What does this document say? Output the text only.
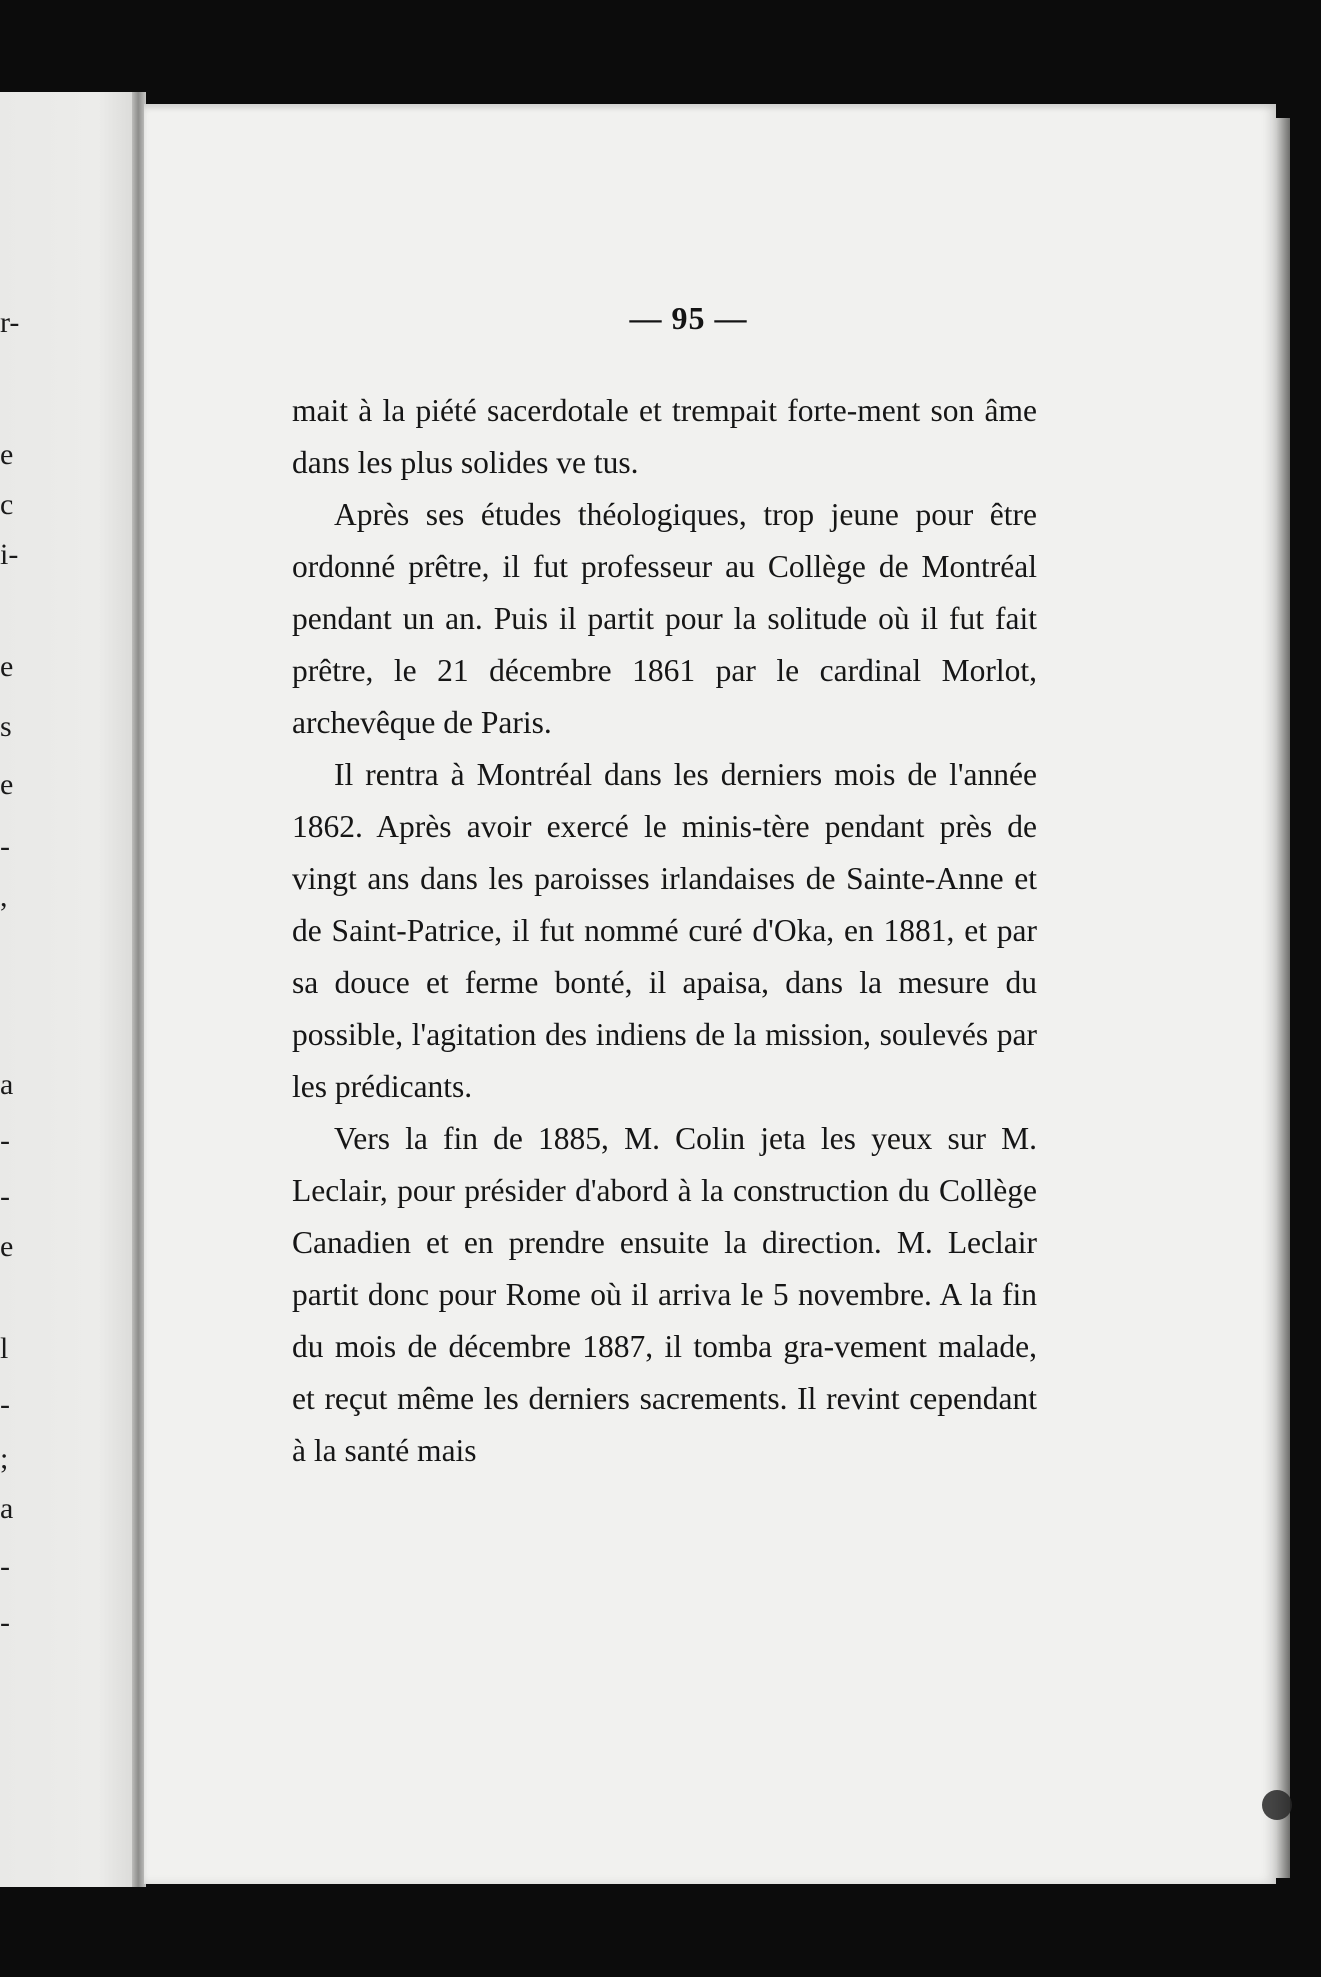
r-
e
c
i-
e
s
e
-
,
a
-
-
e
l
-
;
a
-
-
— 95 —

mait à la piété sacerdotale et trempait forte-ment son âme dans les plus solides ve tus.

Après ses études théologiques, trop jeune pour être ordonné prêtre, il fut professeur au Collège de Montréal pendant un an. Puis il partit pour la solitude où il fut fait prêtre, le 21 décembre 1861 par le cardinal Morlot, archevêque de Paris.

Il rentra à Montréal dans les derniers mois de l'année 1862. Après avoir exercé le minis-tère pendant près de vingt ans dans les paroisses irlandaises de Sainte-Anne et de Saint-Patrice, il fut nommé curé d'Oka, en 1881, et par sa douce et ferme bonté, il apaisa, dans la mesure du possible, l'agitation des indiens de la mission, soulevés par les prédicants.

Vers la fin de 1885, M. Colin jeta les yeux sur M. Leclair, pour présider d'abord à la construction du Collège Canadien et en prendre ensuite la direction. M. Leclair partit donc pour Rome où il arriva le 5 novembre. A la fin du mois de décembre 1887, il tomba gra-vement malade, et reçut même les derniers sacrements. Il revint cependant à la santé mais
